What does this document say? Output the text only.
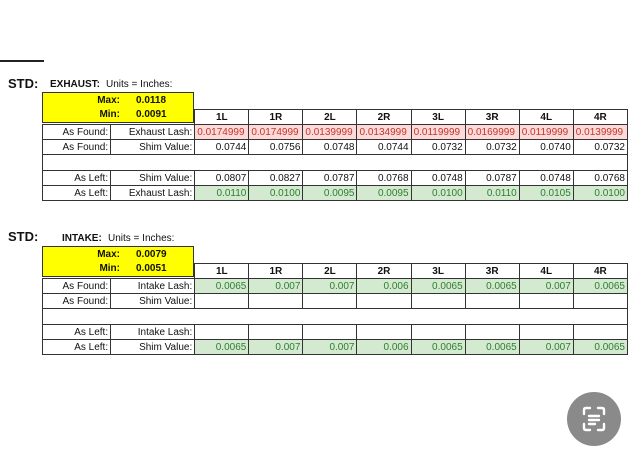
STD: EXHAUST: Units = Inches:
Max: 0.0118
Min: 0.0091
			1L	1R	2L	2R	3L	3R	4L	4R
As Found:	Exhaust Lash:	0.0174999	0.0174999	0.0139999	0.0134999	0.0119999	0.0169999	0.0119999	0.0139999
As Found:	Shim Value:	0.0744	0.0756	0.0748	0.0744	0.0732	0.0732	0.0740	0.0732

As Left:	Shim Value:	0.0807	0.0827	0.0787	0.0768	0.0748	0.0787	0.0748	0.0768
As Left:	Exhaust Lash:	0.0110	0.0100	0.0095	0.0095	0.0100	0.0110	0.0105	0.0100
STD: INTAKE: Units = Inches:
Max: 0.0079
Min: 0.0051
			1L	1R	2L	2R	3L	3R	4L	4R
As Found:	Intake Lash:	0.0065	0.007	0.007	0.006	0.0065	0.0065	0.007	0.0065
As Found:	Shim Value:								

As Left:	Intake Lash:								
As Left:	Shim Value:	0.0065	0.007	0.007	0.006	0.0065	0.0065	0.007	0.0065
